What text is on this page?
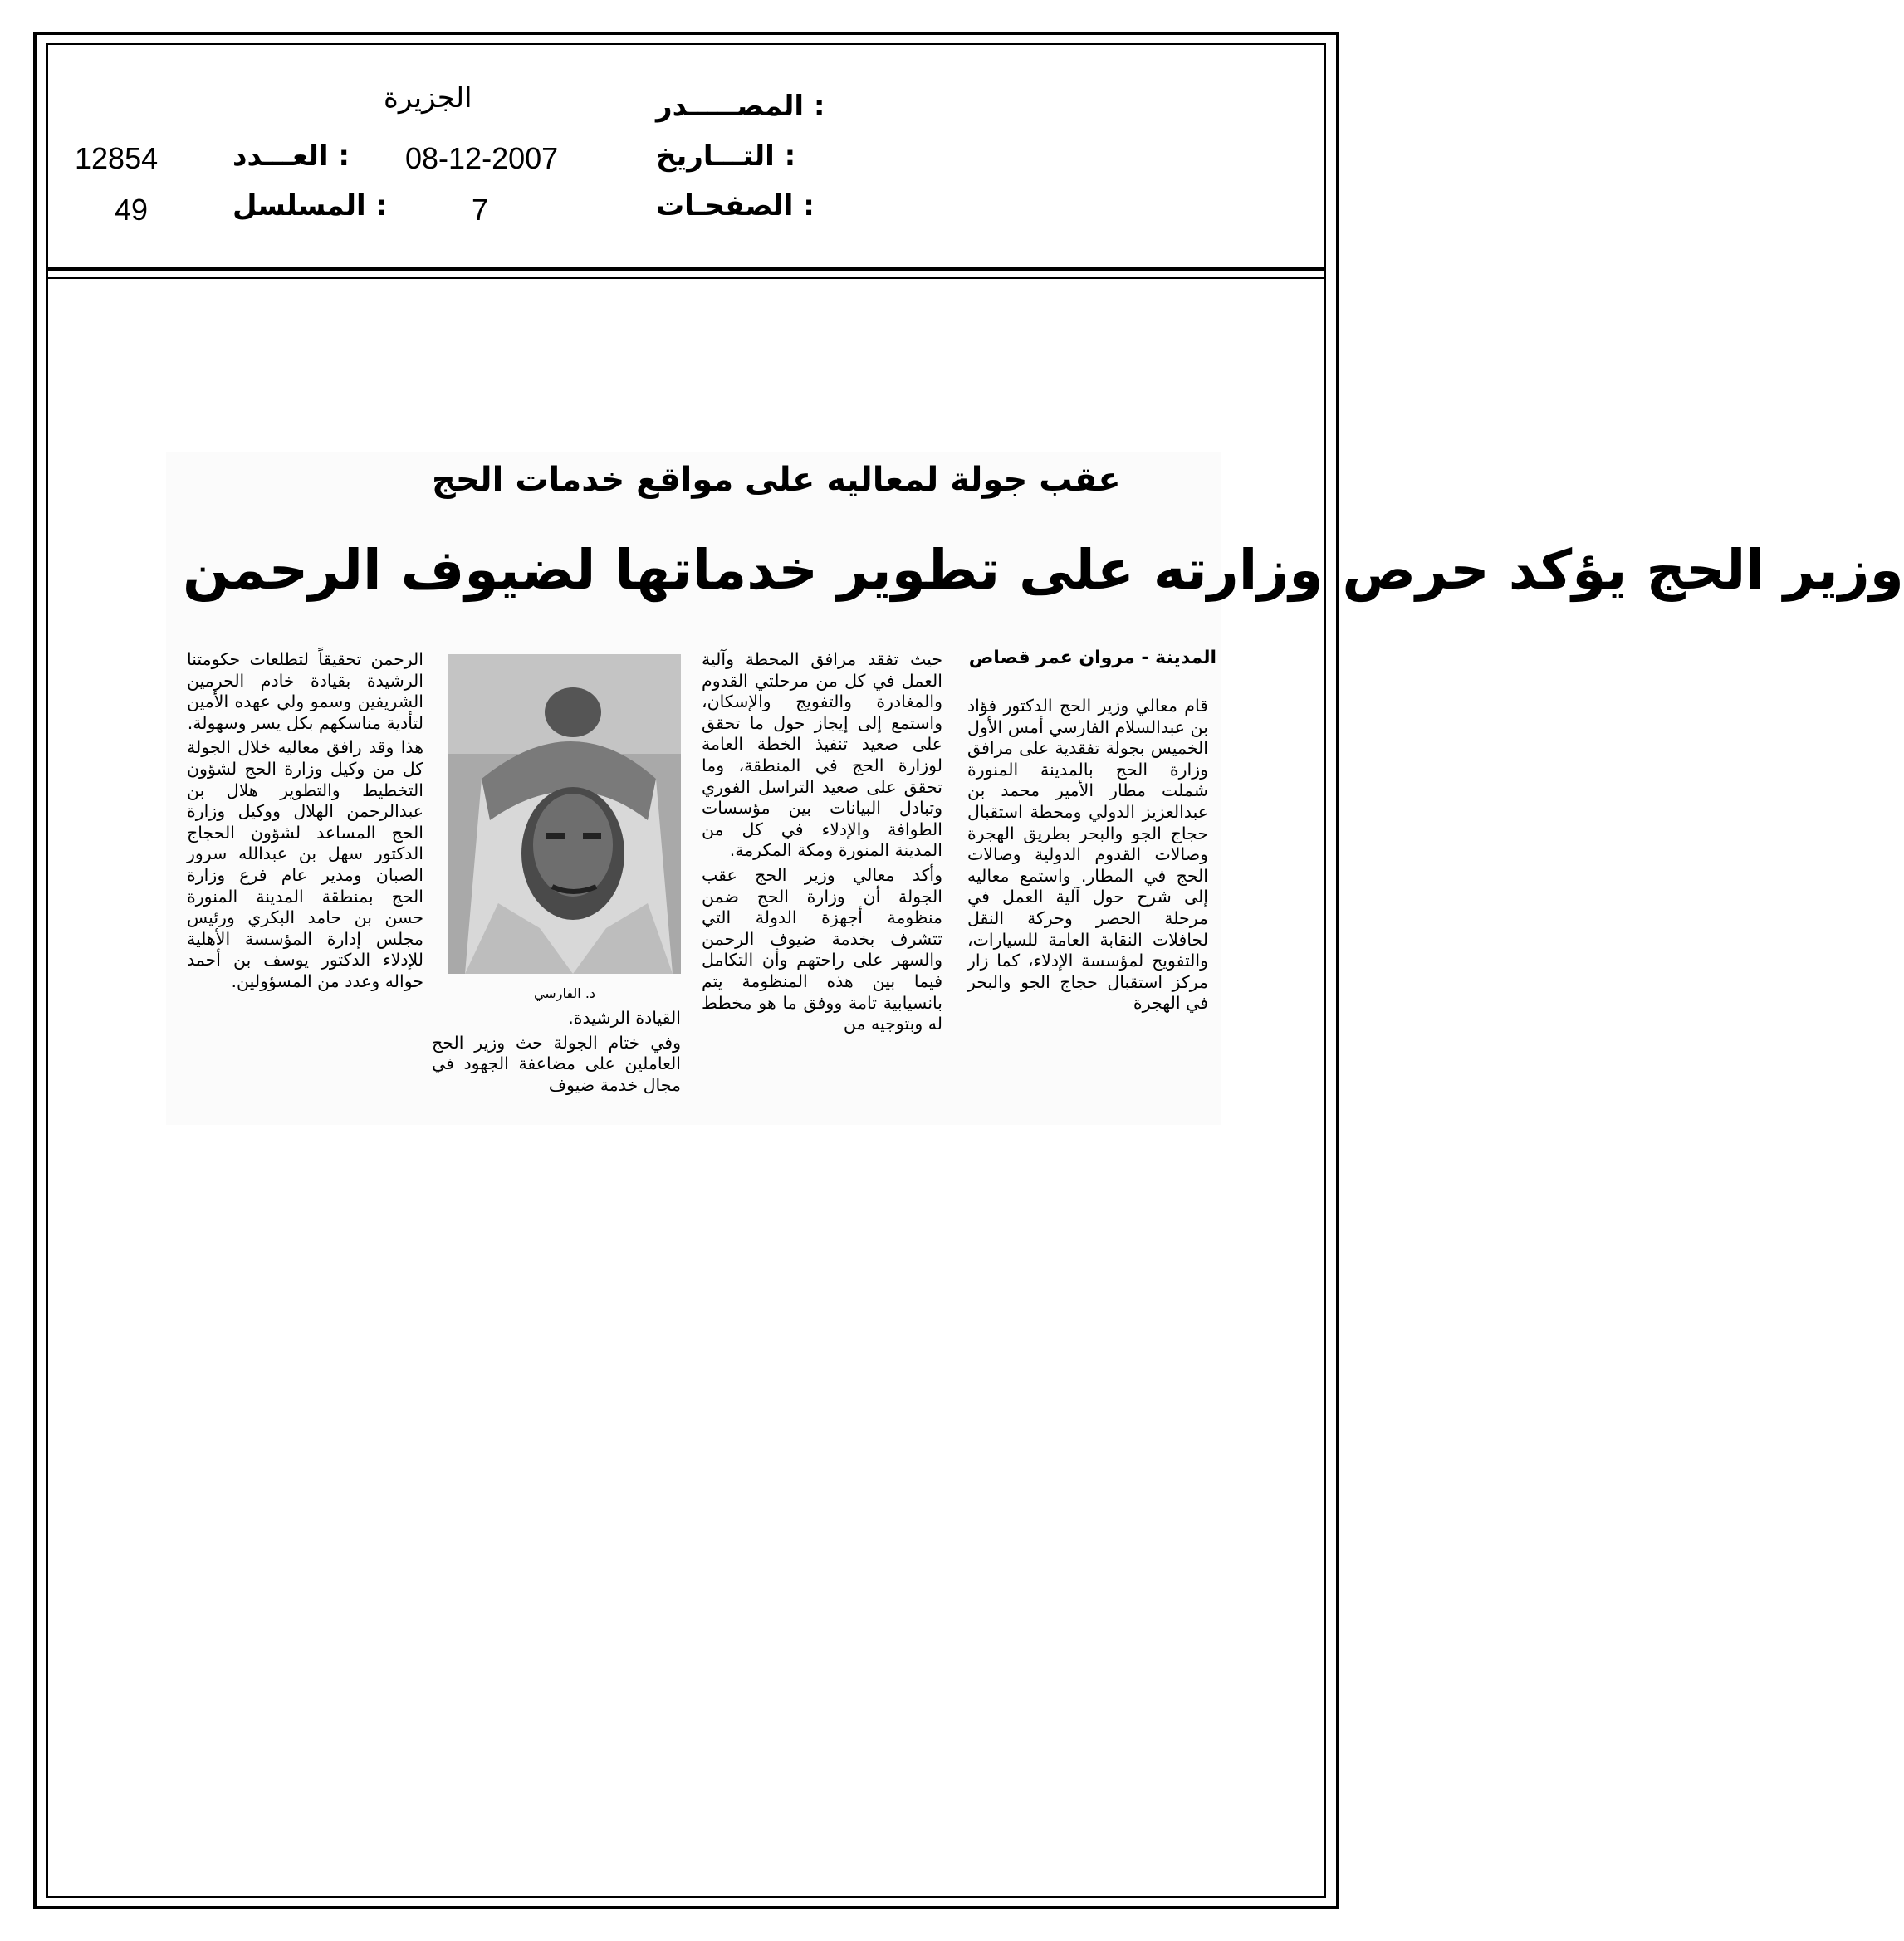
المصـــــدر :
الجزيرة
التـــاريخ :
08-12-2007
العـــدد :
12854
الصفحـات :
7
المسلسل :
49
عقب جولة لمعاليه على مواقع خدمات الحج
وزير الحج يؤكد حرص وزارته على تطوير خدماتها لضيوف الرحمن
المدينة - مروان عمر قصاص

قام معالي وزير الحج الدكتور فؤاد بن عبدالسلام الفارسي أمس الأول الخميس بجولة تفقدية على مرافق وزارة الحج بالمدينة المنورة شملت مطار الأمير محمد بن عبدالعزيز الدولي ومحطة استقبال حجاج الجو والبحر بطريق الهجرة وصالات القدوم الدولية وصالات الحج في المطار. واستمع معاليه إلى شرح حول آلية العمل في مرحلة الحصر وحركة النقل لحافلات النقابة العامة للسيارات، والتفويج لمؤسسة الإدلاء، كما زار مركز استقبال حجاج الجو والبحر في الهجرة

حيث تفقد مرافق المحطة وآلية العمل في كل من مرحلتي القدوم والمغادرة والتفويج والإسكان، واستمع إلى إيجاز حول ما تحقق على صعيد تنفيذ الخطة العامة لوزارة الحج في المنطقة، وما تحقق على صعيد التراسل الفوري وتبادل البيانات بين مؤسسات الطوافة والإدلاء في كل من المدينة المنورة ومكة المكرمة.

وأكد معالي وزير الحج عقب الجولة أن وزارة الحج ضمن منظومة أجهزة الدولة التي تتشرف بخدمة ضيوف الرحمن والسهر على راحتهم وأن التكامل فيما بين هذه المنظومة يتم بانسيابية تامة ووفق ما هو مخطط له وبتوجيه من

د. الفارسي

القيادة الرشيدة.

وفي ختام الجولة حث وزير الحج العاملين على مضاعفة الجهود في مجال خدمة ضيوف

الرحمن تحقيقاً لتطلعات حكومتنا الرشيدة بقيادة خادم الحرمين الشريفين وسمو ولي عهده الأمين لتأدية مناسكهم بكل يسر وسهولة.

هذا وقد رافق معاليه خلال الجولة كل من وكيل وزارة الحج لشؤون التخطيط والتطوير هلال بن عبدالرحمن الهلال ووكيل وزارة الحج المساعد لشؤون الحجاج الدكتور سهل بن عبدالله سرور الصبان ومدير عام فرع وزارة الحج بمنطقة المدينة المنورة حسن بن حامد البكري ورئيس مجلس إدارة المؤسسة الأهلية للإدلاء الدكتور يوسف بن أحمد حواله وعدد من المسؤولين.
